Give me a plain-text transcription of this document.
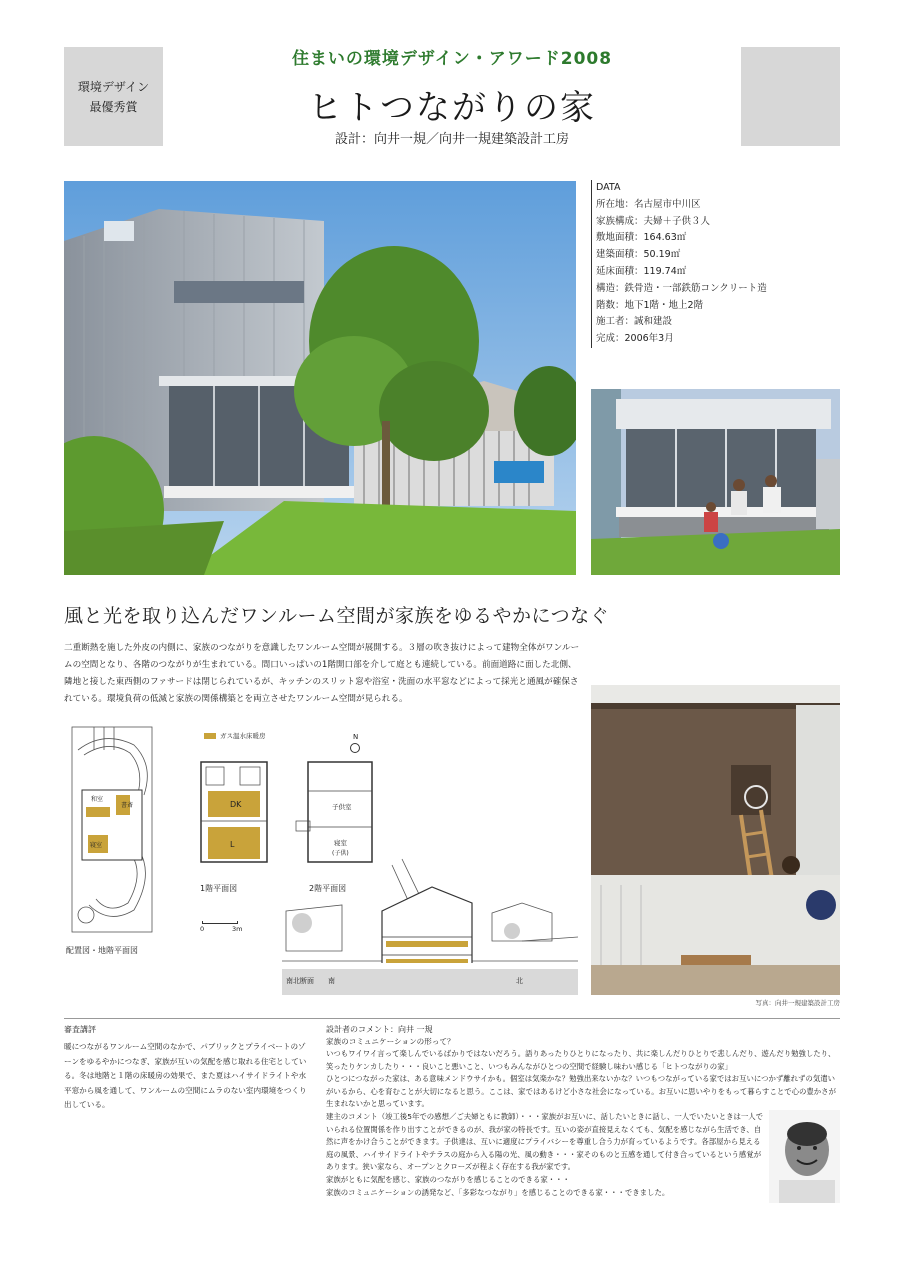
環境デザイン
最優秀賞
住まいの環境デザイン・アワード2008
ヒトつながりの家
設計：向井一規／向井一規建築設計工房
DATA
所在地：名古屋市中川区
家族構成：夫婦＋子供３人
敷地面積：164.63㎡
建築面積：50.19㎡
延床面積：119.74㎡
構造：鉄骨造・一部鉄筋コンクリート造
階数：地下1階・地上2階
施工者：誠和建設
完成：2006年3月
風と光を取り込んだワンルーム空間が家族をゆるやかにつなぐ
二重断熱を施した外皮の内側に、家族のつながりを意識したワンルーム空間が展開する。３層の吹き抜けによって建物全体がワンルームの空間となり、各階のつながりが生まれている。間口いっぱいの1階開口部を介して庭とも連続している。前面道路に面した北側、隣地と接した東西側のファサードは閉じられているが、キッチンのスリット窓や浴室・洗面の水平窓などによって採光と通風が確保されている。環境負荷の低減と家族の関係構築とを両立させたワンルーム空間が見られる。
和室
書斎
寝室
配置図・地階平面図
ガス温水床暖房
DK
L
1階平面図
N
子供室
寝室
(子供)
2階平面図
0	3m
南北断面 南	北
写真：向井一規建築設計工房
審査講評
暖につながるワンルーム空間のなかで、パブリックとプライベートのゾーンをゆるやかにつなぎ、家族が互いの気配を感じ取れる住宅としている。冬は地階と１階の床暖房の効果で、また夏はハイサイドライトや水平窓から風を通して、ワンルームの空間にムラのない室内環境をつくり出している。
設計者のコメント：向井 一規
家族のコミュニケーションの形って？

いつもワイワイ言って楽しんでいるばかりではないだろう。語りあったりひとりになったり、共に楽しんだりひとりで悲しんだり、遊んだり勉強したり、笑ったりケンカしたり・・・良いこと悪いこと、いつもみんながひとつの空間で経験し味わい感じる「ヒトつながりの家」

ひとつにつながった家は、ある意味メンドウサイかも。個室は気楽かな？勉強出来ないかな？いつもつながっている家ではお互いにつかず離れずの気遣いがいるから、心を育むことが大切になると思う。ここは、家ではあるけど小さな社会になっている。お互いに思いやりをもって暮らすことで心の豊かさが生まれないかと思っています。

建主のコメント（竣工後5年での感想／ご夫婦ともに教師）・・・家族がお互いに、話したいときに話し、一人でいたいときは一人でいられる位置関係を作り出すことができるのが、我が家の特長です。互いの姿が直接見えなくても、気配を感じながら生活でき、自然に声をかけ合うことができます。子供達は、互いに適度にプライバシーを尊重し合う力が育っているようです。各部屋から見える庭の風景、ハイサイドライトやテラスの庭から入る陽の光、風の動き・・・家そのものと五感を通して付き合っているという感覚があります。狭い家なら、オープンとクローズが程よく存在する我が家です。

家族がともに気配を感じ、家族のつながりを感じることのできる家・・・

家族のコミュニケーションの誘発など、「多彩なつながり」を感じることのできる家・・・できました。
